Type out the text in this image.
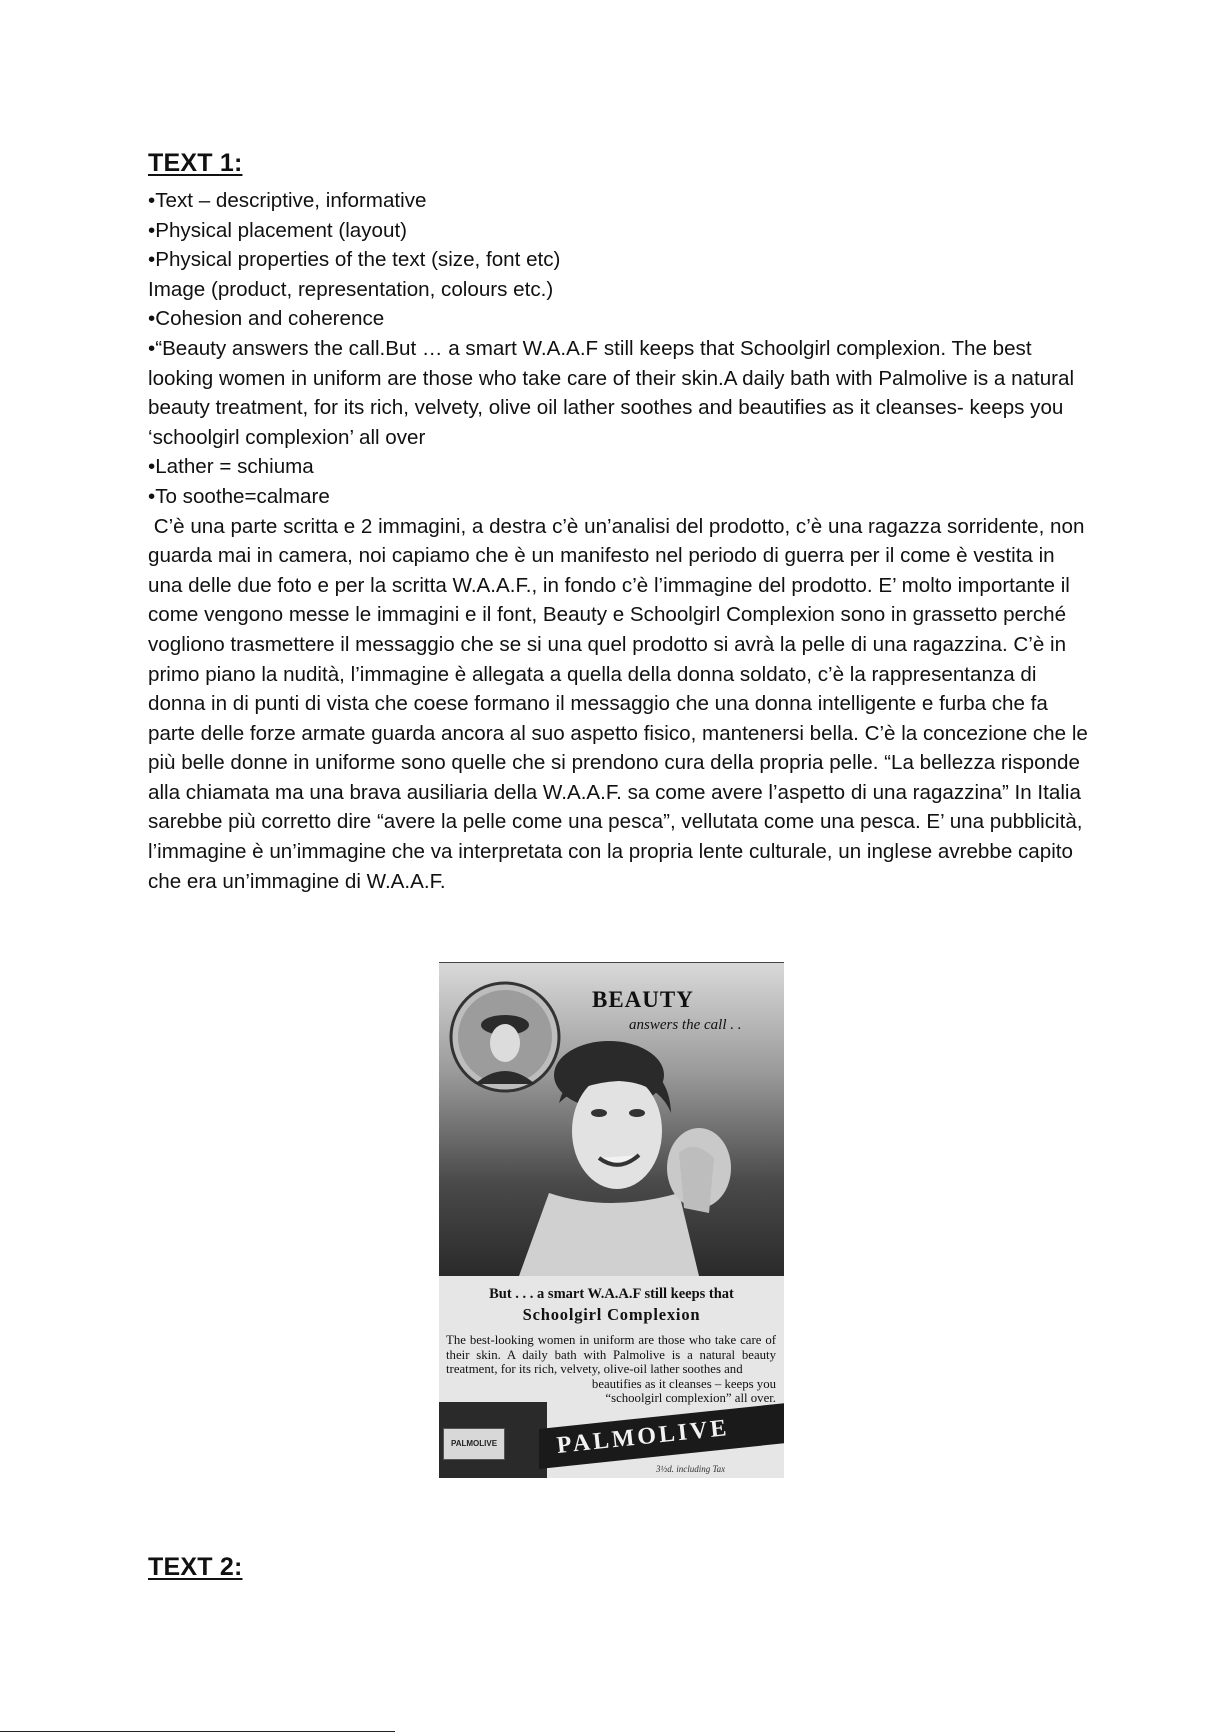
TEXT 1:

•Text – descriptive, informative

•Physical placement (layout)

•Physical properties of the text (size, font etc)

Image (product, representation, colours etc.)

•Cohesion and coherence

•“Beauty answers the call.But … a smart W.A.A.F still keeps that Schoolgirl complexion. The best looking women in uniform are those who take care of their skin.A daily bath with Palmolive is a natural beauty treatment, for its rich, velvety, olive oil lather soothes and beautifies as it cleanses- keeps you ‘schoolgirl complexion’ all over

•Lather = schiuma

•To soothe=calmare

C’è una parte scritta e 2 immagini, a destra c’è un’analisi del prodotto, c’è una ragazza sorridente, non guarda mai in camera, noi capiamo che è un manifesto nel periodo di guerra per il come è vestita in una delle due foto e per la scritta W.A.A.F., in fondo c’è l’immagine del prodotto. E’ molto importante il come vengono messe le immagini e il font, Beauty e Schoolgirl Complexion sono in grassetto perché vogliono trasmettere il messaggio che se si una quel prodotto si avrà la pelle di una ragazzina. C’è in primo piano la nudità, l’immagine è allegata a quella della donna soldato, c’è la rappresentanza di donna in di punti di vista che coese formano il messaggio che una donna intelligente e furba che fa parte delle forze armate guarda ancora al suo aspetto fisico, mantenersi bella. C’è la concezione che le più belle donne in uniforme sono quelle che si prendono cura della propria pelle. “La bellezza risponde alla chiamata ma una brava ausiliaria della W.A.A.F. sa come avere l’aspetto di una ragazzina” In Italia sarebbe più corretto dire “avere la pelle come una pesca”, vellutata come una pesca. E’ una pubblicità, l’immagine è un’immagine che va interpretata con la propria lente culturale, un inglese avrebbe capito che era un’immagine di W.A.A.F.

BEAUTY
answers the call . .
But . . . a smart W.A.A.F still keeps that
Schoolgirl Complexion
The best-looking women in uniform are those who take care of their skin. A daily bath with Palmolive is a natural beauty treatment, for its rich, velvety, olive-oil lather soothes and
beautifies as it cleanses – keeps you “schoolgirl complexion” all over.
PALMOLIVE	PALMOLIVE
3½d. including Tax
TEXT 2:
